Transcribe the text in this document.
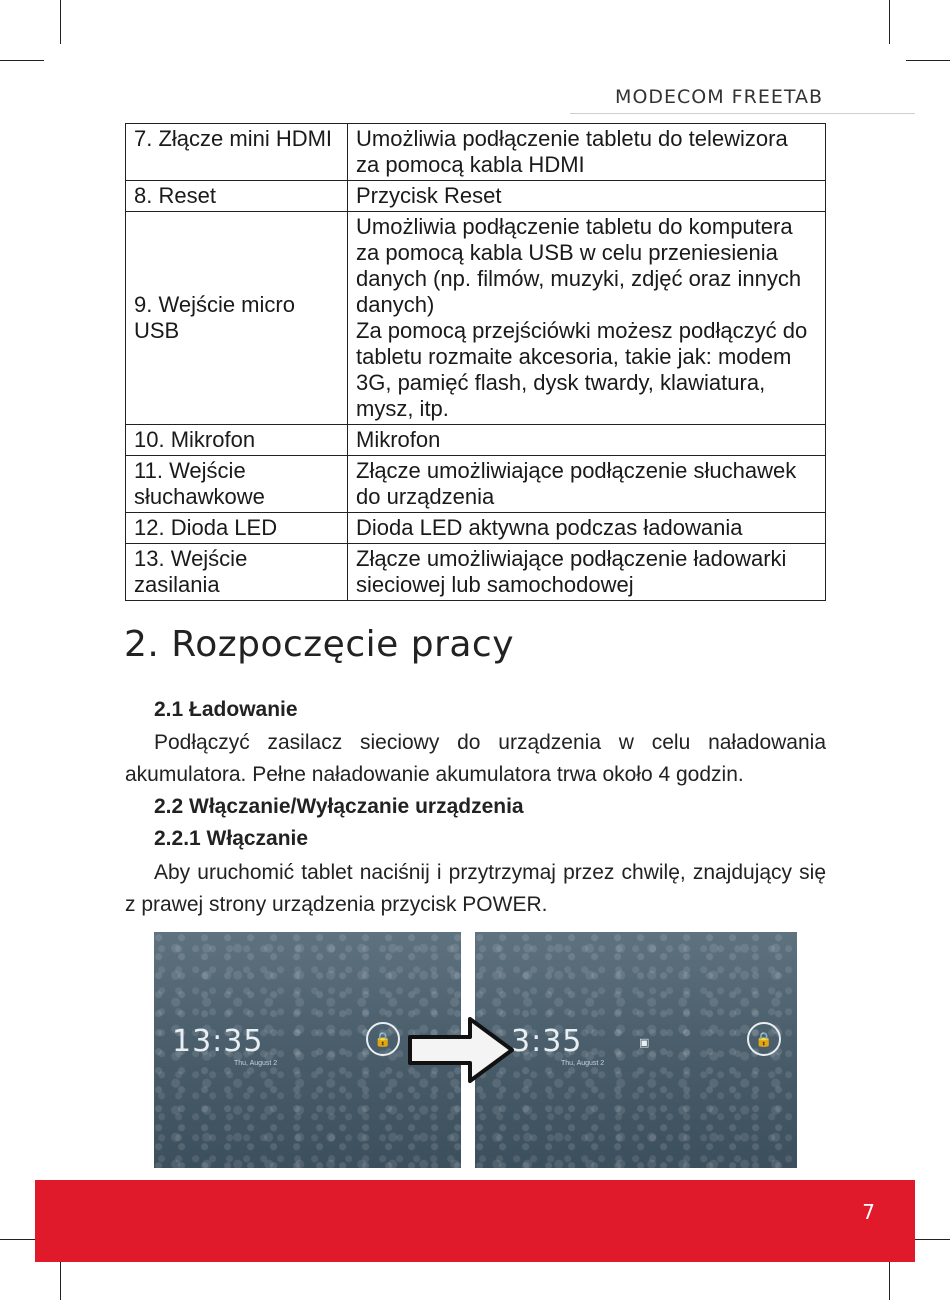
MODECOM FREETAB
7. Złącze mini HDMI	Umożliwia podłączenie tabletu do telewizora za pomocą kabla HDMI

8. Reset	Przycisk Reset

9. Wejście micro USB	Umożliwia podłączenie tabletu do komputera za pomocą kabla USB w celu przeniesienia danych (np. filmów, muzyki, zdjęć oraz innych danych)
Za pomocą przejściówki możesz podłączyć do tabletu rozmaite akcesoria, takie jak: modem 3G, pamięć flash, dysk twardy, klawiatura, mysz, itp.

10. Mikrofon	Mikrofon

11. Wejście słuchawkowe	Złącze umożliwiające podłączenie słuchawek do urządzenia

12. Dioda LED	Dioda LED aktywna podczas ładowania

13. Wejście zasilania	Złącze umożliwiające podłączenie ładowarki sieciowej lub samochodowej
2. Rozpoczęcie pracy
2.1 Ładowanie
Podłączyć zasilacz sieciowy do urządzenia w celu naładowania akumulatora. Pełne naładowanie akumulatora trwa około 4 godzin.
2.2 Włączanie/Wyłączanie urządzenia
2.2.1 Włączanie
Aby uruchomić tablet naciśnij i przytrzymaj przez chwilę, znajdujący się z prawej strony urządzenia przycisk POWER.
13:35
Thu, August 2
🔒	3:35
Thu, August 2
▣	🔒
7
